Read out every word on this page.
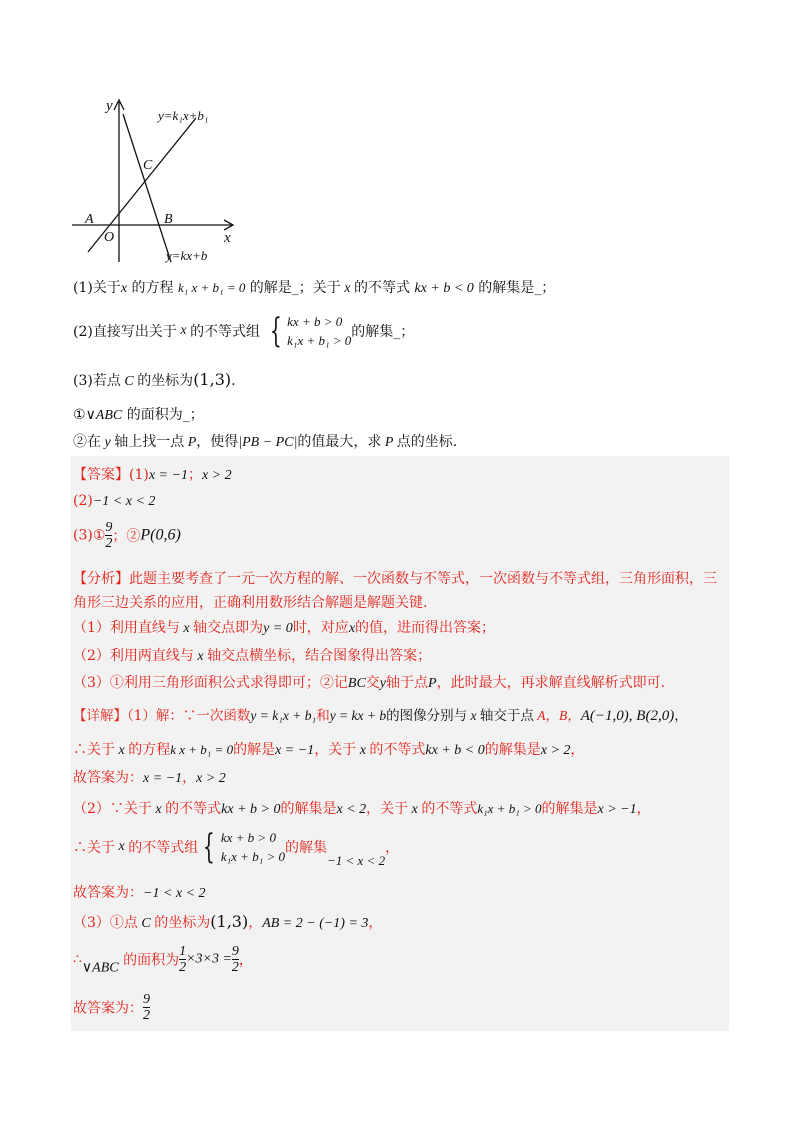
y
x
O
A	B
C
y=k₁x+b₁
y=kx+b
(1)关于x 的方程 k₁ x + b₁ = 0 的解是_；关于 x 的不等式 kx + b < 0 的解集是_；
(2)直接写出关于 x 的不等式组 { kx + b > 0
k₁x + b₁ > 0
的解集_；
(3)若点 C 的坐标为(1,3).
①∨ABC 的面积为_；
②在 y 轴上找一点 P，使得|PB − PC|的值最大，求 P 点的坐标.
【答案】(1)x = −1；x > 2
(2)−1 < x < 2
(3)① $\frac{9}{2}$ ；②P(0,6)
【分析】此题主要考查了一元一次方程的解、一次函数与不等式，一次函数与不等式组，三角形面积，三
角形三边关系的应用，正确利用数形结合解题是解题关键.
（1）利用直线与 x 轴交点即为y = 0时，对应x的值，进而得出答案；
（2）利用两直线与 x 轴交点横坐标，结合图象得出答案；
（3）①利用三角形面积公式求得即可；②记BC交y轴于点P，此时最大，再求解直线解析式即可.
【详解】（1）解：∵一次函数y = k₁x + b₁和y = kx + b的图像分别与 x 轴交于点 A，B，A(−1,0), B(2,0)，
∴关于 x 的方程k x + b₁ = 0的解是x = −1，关于 x 的不等式kx + b < 0的解集是x > 2，
故答案为：x = −1，x > 2
（2）∵关于 x 的不等式kx + b > 0的解集是x < 2，关于 x 的不等式k₁x + b₁ > 0的解集是x > −1，
∴关于 x 的不等式组 { kx + b > 0
k₁x + b₁ > 0
的解集−1 < x < 2，
故答案为：−1 < x < 2
（3）①点 C 的坐标为(1,3)，AB = 2 − (−1) = 3，
∴∨ABC 的面积为 $\frac{1}{2} \times 3\times 3 = \frac{9}{2}$ ，
故答案为： $\frac{9}{2}$
